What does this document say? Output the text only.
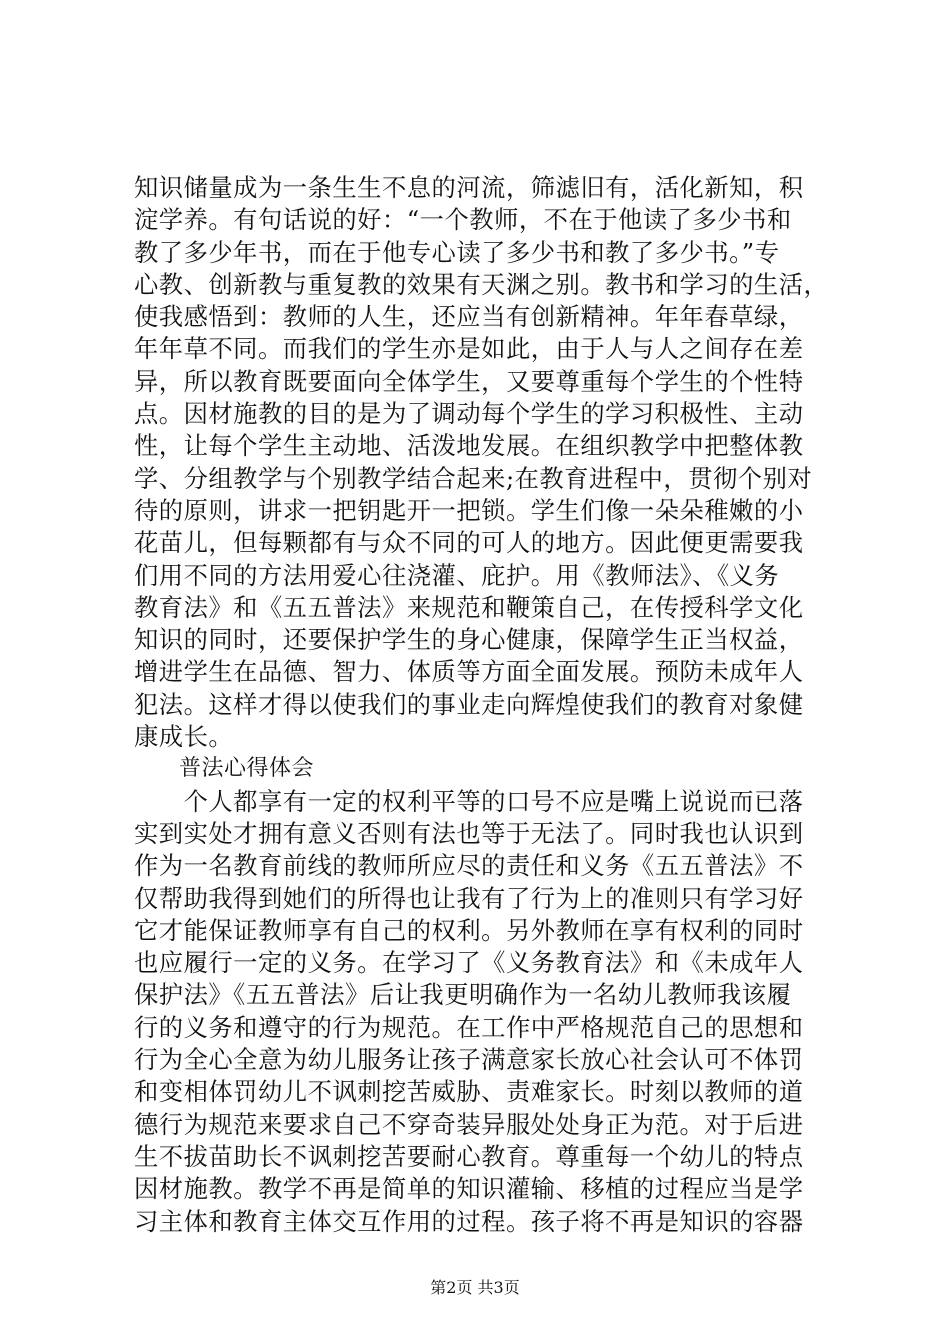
知识储量成为一条生生不息的河流，筛滤旧有，活化新知，积
淀学养。有句话说的好：“一个教师，不在于他读了多少书和
教了多少年书，而在于他专心读了多少书和教了多少书。”专
心教、创新教与重复教的效果有天渊之别。教书和学习的生活，
使我感悟到：教师的人生，还应当有创新精神。年年春草绿，
年年草不同。而我们的学生亦是如此，由于人与人之间存在差
异，所以教育既要面向全体学生，又要尊重每个学生的个性特
点。因材施教的目的是为了调动每个学生的学习积极性、主动
性，让每个学生主动地、活泼地发展。在组织教学中把整体教
学、分组教学与个别教学结合起来;在教育进程中，贯彻个别对
待的原则，讲求一把钥匙开一把锁。学生们像一朵朵稚嫩的小
花苗儿，但每颗都有与众不同的可人的地方。因此便更需要我
们用不同的方法用爱心往浇灌、庇护。用《教师法》、《义务
教育法》和《五五普法》来规范和鞭策自己，在传授科学文化
知识的同时，还要保护学生的身心健康，保障学生正当权益，
增进学生在品德、智力、体质等方面全面发展。预防未成年人
犯法。这样才得以使我们的事业走向辉煌使我们的教育对象健
康成长。
　　普法心得体会
　　个人都享有一定的权利平等的口号不应是嘴上说说而已落
实到实处才拥有意义否则有法也等于无法了。同时我也认识到
作为一名教育前线的教师所应尽的责任和义务《五五普法》不
仅帮助我得到她们的所得也让我有了行为上的准则只有学习好
它才能保证教师享有自己的权利。另外教师在享有权利的同时
也应履行一定的义务。在学习了《义务教育法》和《未成年人
保护法》《五五普法》后让我更明确作为一名幼儿教师我该履
行的义务和遵守的行为规范。在工作中严格规范自己的思想和
行为全心全意为幼儿服务让孩子满意家长放心社会认可不体罚
和变相体罚幼儿不讽刺挖苦威胁、责难家长。时刻以教师的道
德行为规范来要求自己不穿奇装异服处处身正为范。对于后进
生不拔苗助长不讽刺挖苦要耐心教育。尊重每一个幼儿的特点
因材施教。教学不再是简单的知识灌输、移植的过程应当是学
习主体和教育主体交互作用的过程。孩子将不再是知识的容器
第2页 共3页
